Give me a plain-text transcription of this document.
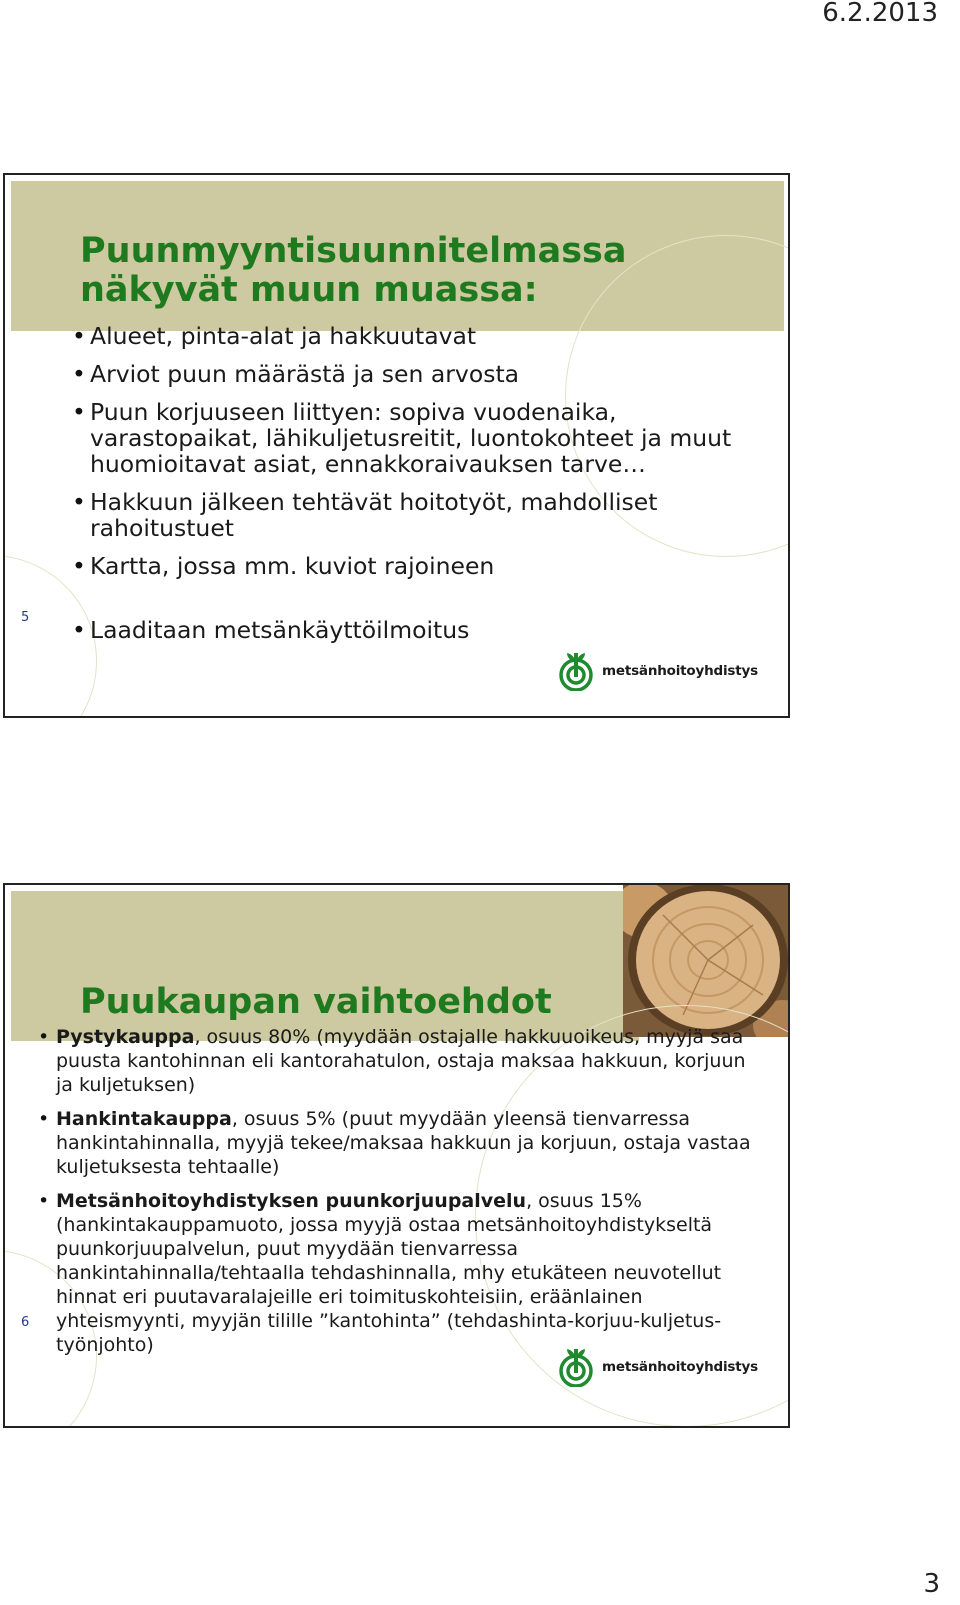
6.2.2013
Puunmyyntisuunnitelmassa
näkyvät muun muassa:
• Alueet, pinta-alat ja hakkuutavat
• Arviot puun määrästä ja sen arvosta
• Puun korjuuseen liittyen: sopiva vuodenaika, varastopaikat, lähikuljetusreitit, luontokohteet ja muut huomioitavat asiat, ennakkoraivauksen tarve…
• Hakkuun jälkeen tehtävät hoitotyöt, mahdolliset rahoitustuet
• Kartta, jossa mm. kuviot rajoineen
• Laaditaan metsänkäyttöilmoitus
5
metsänhoitoyhdistys
Puukaupan vaihtoehdot
• Pystykauppa, osuus 80% (myydään ostajalle hakkuuoikeus, myyjä saa puusta kantohinnan eli kantorahatulon, ostaja maksaa hakkuun, korjuun ja kuljetuksen)
• Hankintakauppa, osuus 5% (puut myydään yleensä tienvarressa hankintahinnalla, myyjä tekee/maksaa hakkuun ja korjuun, ostaja vastaa kuljetuksesta tehtaalle)
• Metsänhoitoyhdistyksen puunkorjuupalvelu, osuus 15% (hankintakauppamuoto, jossa myyjä ostaa metsänhoitoyhdistykseltä puunkorjuupalvelun, puut myydään tienvarressa hankintahinnalla/tehtaalla tehdashinnalla, mhy etukäteen neuvotellut hinnat eri puutavaralajeille eri toimituskohteisiin, eräänlainen yhteismyynti, myyjän tilille ”kantohinta” (tehdashinta-korjuu-kuljetus-työnjohto)
6
metsänhoitoyhdistys
3
